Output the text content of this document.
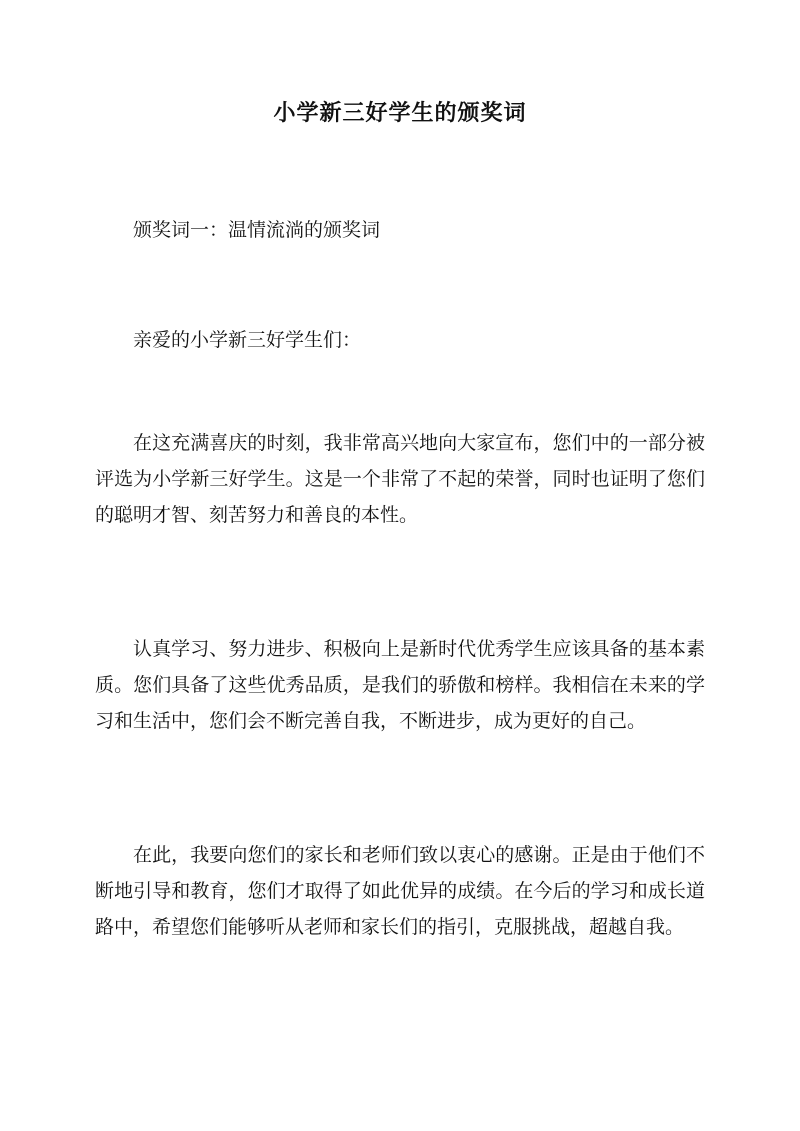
小学新三好学生的颁奖词

颁奖词一：温情流淌的颁奖词

亲爱的小学新三好学生们：

在这充满喜庆的时刻，我非常高兴地向大家宣布，您们中的一部分被评选为小学新三好学生。这是一个非常了不起的荣誉，同时也证明了您们的聪明才智、刻苦努力和善良的本性。

认真学习、努力进步、积极向上是新时代优秀学生应该具备的基本素质。您们具备了这些优秀品质，是我们的骄傲和榜样。我相信在未来的学习和生活中，您们会不断完善自我，不断进步，成为更好的自己。

在此，我要向您们的家长和老师们致以衷心的感谢。正是由于他们不断地引导和教育，您们才取得了如此优异的成绩。在今后的学习和成长道路中，希望您们能够听从老师和家长们的指引，克服挑战，超越自我。
